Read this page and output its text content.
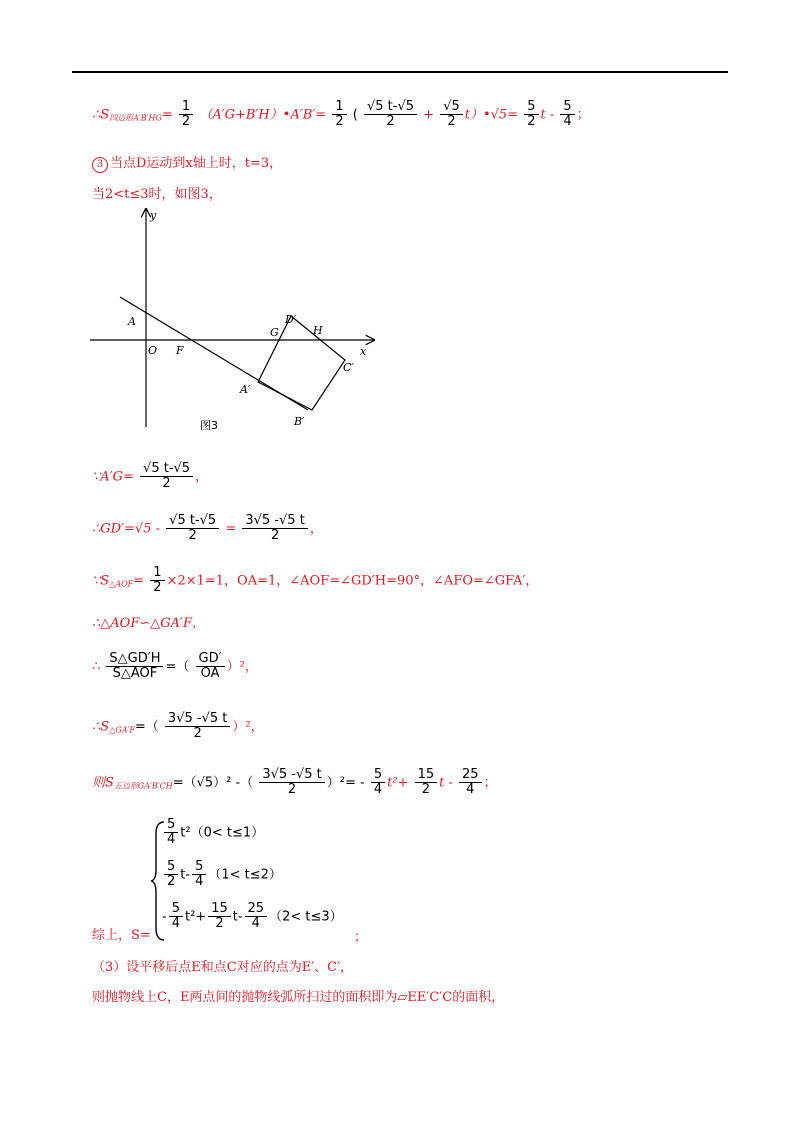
$\therefore S_{四边形A'B'HG}= \frac{1}{2}$ （A′G+B′H）•A′B′= $\frac{1}{2}$ ( $\frac{√5 t-√5}{2} + \frac{√5}{2}$ t）•√5= $\frac{5}{2}$ t - $\frac{5}{4}$ ；
3 当点D运动到x轴上时，t=3，
当2<t≤3时，如图3，
y
x
A
O F
G
D′
H
C′
A′
B′
图3
∵A′G= $\frac{√5 t-√5}{2}$ ，
∴GD′=√5 - $\frac{√5 t-√5}{2} = \frac{3√5 -√5 t}{2}$ ，
$\because S_{\triangle AOF}= \frac{1}{2} \times 2\times 1=1$，OA=1，∠AOF=∠GD′H=90°，∠AFO=∠GFA′，
∴△AOF∽△GA′F，
∴ $\frac{S\triangle GD'H}{\text{S△AOF}}$ =（ $\frac{GD'}{OA} )^2$，
$\therefore S_{\triangle GA'F}=( \frac{3√5 -√5 t}{2} )^2$，
则$S_{五边形GA'B'CH}=(√5)^2$ -（ $\frac{3√5 -√5 t}{2} )^2= - \frac{5}{4} t^2+ \frac{15}{2}$ t - $\frac{25}{4}$ ；
$\frac{5}{4} t^2(0< t\le 1)$
$\frac{5}{2} t- \frac{5}{4} (1< t\le 2)$
- $\frac{5}{4} t^2+ \frac{15}{2} t- \frac{25}{4} (2< t\le 3)$
综上，S=	；
（3）设平移后点E和点C对应的点为E′、C′，
则抛物线上C，E两点间的抛物线弧所扫过的面积即为▱EE′C′C的面积，
